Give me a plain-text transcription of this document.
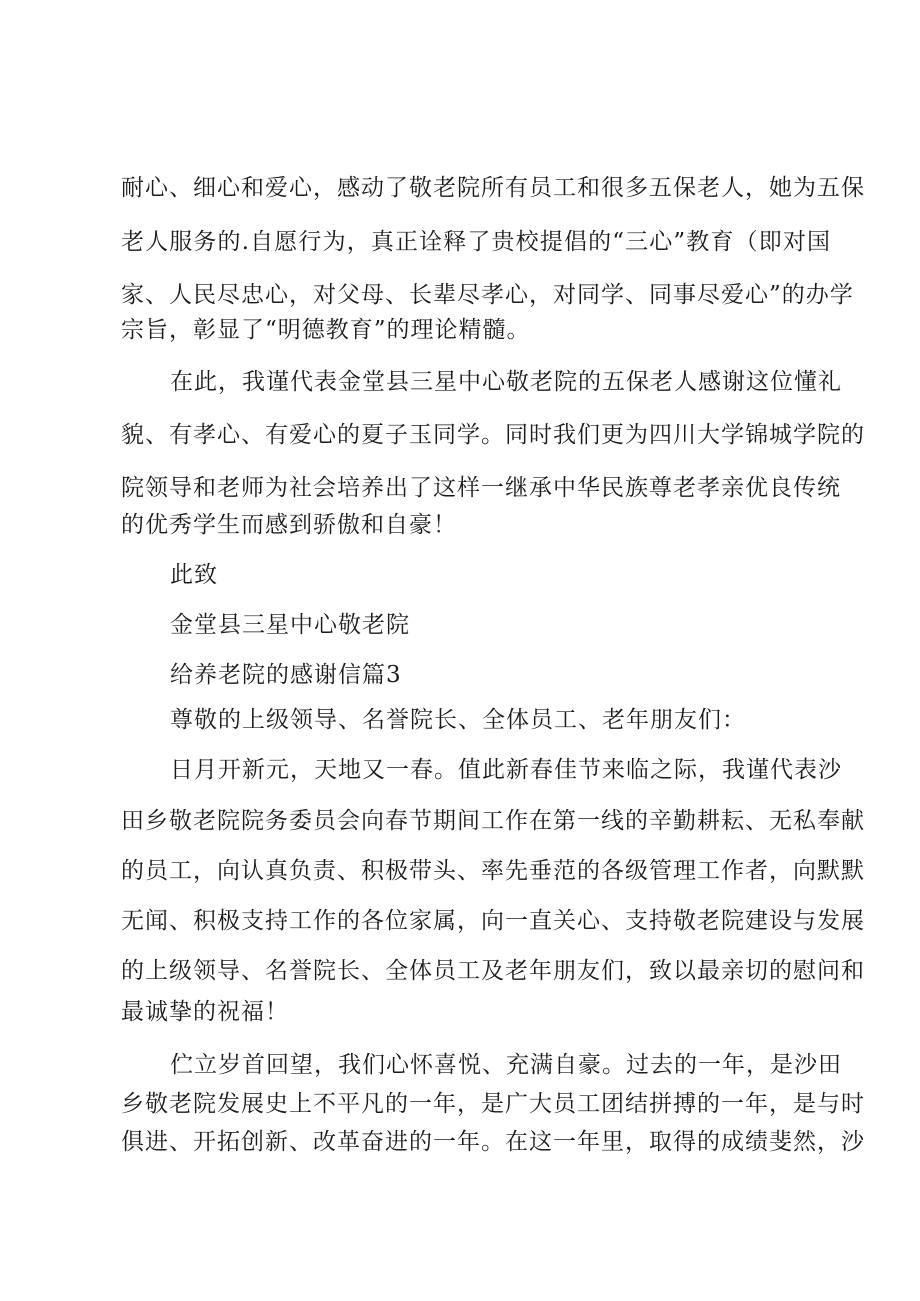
耐心、细心和爱心，感动了敬老院所有员工和很多五保老人，她为五保
老人服务的.自愿行为，真正诠释了贵校提倡的“三心”教育（即对国
家、人民尽忠心，对父母、长辈尽孝心，对同学、同事尽爱心”的办学
宗旨，彰显了“明德教育”的理论精髓。
在此，我谨代表金堂县三星中心敬老院的五保老人感谢这位懂礼
貌、有孝心、有爱心的夏子玉同学。同时我们更为四川大学锦城学院的
院领导和老师为社会培养出了这样一继承中华民族尊老孝亲优良传统
的优秀学生而感到骄傲和自豪！
此致
金堂县三星中心敬老院
给养老院的感谢信篇3
尊敬的上级领导、名誉院长、全体员工、老年朋友们：
日月开新元，天地又一春。值此新春佳节来临之际，我谨代表沙
田乡敬老院院务委员会向春节期间工作在第一线的辛勤耕耘、无私奉献
的员工，向认真负责、积极带头、率先垂范的各级管理工作者，向默默
无闻、积极支持工作的各位家属，向一直关心、支持敬老院建设与发展
的上级领导、名誉院长、全体员工及老年朋友们，致以最亲切的慰问和
最诚挚的祝福！
伫立岁首回望，我们心怀喜悦、充满自豪。过去的一年，是沙田
乡敬老院发展史上不平凡的一年，是广大员工团结拼搏的一年，是与时
俱进、开拓创新、改革奋进的一年。在这一年里，取得的成绩斐然，沙
